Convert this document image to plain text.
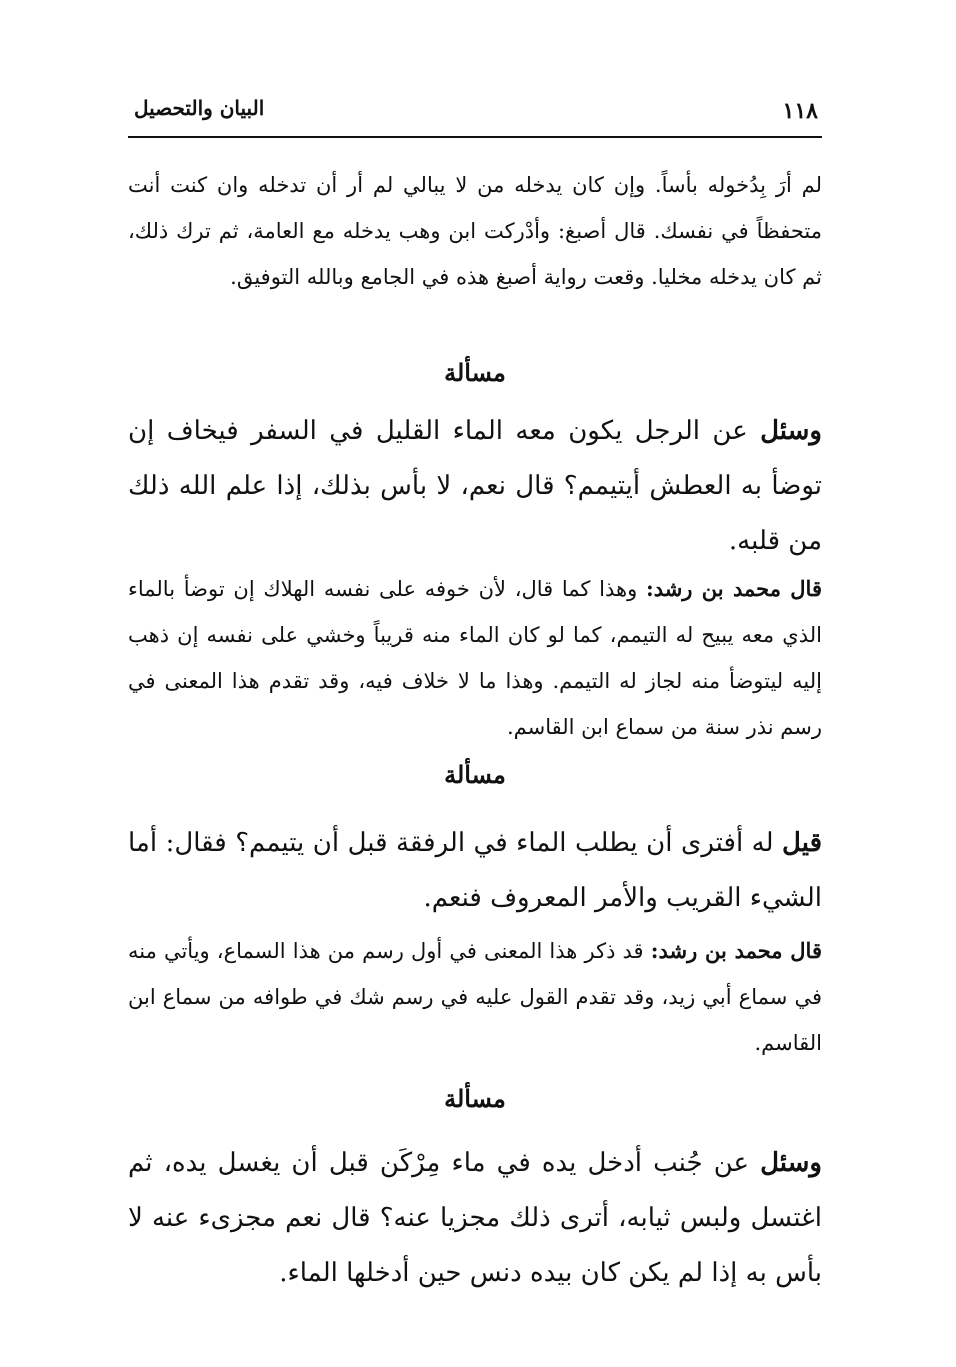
البيان والتحصيل	١١٨

لم أرَ بِدُخوله بأساً. وإن كان يدخله من لا يبالي لم أر أن تدخله وان كنت أنت متحفظاً في نفسك. قال أصبغ: وأدْركت ابن وهب يدخله مع العامة، ثم ترك ذلك، ثم كان يدخله مخليا. وقعت رواية أصبغ هذه في الجامع وبالله التوفيق.

مسألة

وسئل عن الرجل يكون معه الماء القليل في السفر فيخاف إن توضأ به العطش أيتيمم؟ قال نعم، لا بأس بذلك، إذا علم الله ذلك من قلبه.

قال محمد بن رشد: وهذا كما قال، لأن خوفه على نفسه الهلاك إن توضأ بالماء الذي معه يبيح له التيمم، كما لو كان الماء منه قريباً وخشي على نفسه إن ذهب إليه ليتوضأ منه لجاز له التيمم. وهذا ما لا خلاف فيه، وقد تقدم هذا المعنى في رسم نذر سنة من سماع ابن القاسم.

مسألة

قيل له أفترى أن يطلب الماء في الرفقة قبل أن يتيمم؟ فقال: أما الشيء القريب والأمر المعروف فنعم.

قال محمد بن رشد: قد ذكر هذا المعنى في أول رسم من هذا السماع، ويأتي منه في سماع أبي زيد، وقد تقدم القول عليه في رسم شك في طوافه من سماع ابن القاسم.

مسألة

وسئل عن جُنب أدخل يده في ماء مِرْكَن قبل أن يغسل يده، ثم اغتسل ولبس ثيابه، أترى ذلك مجزيا عنه؟ قال نعم مجزىء عنه لا بأس به إذا لم يكن كان بيده دنس حين أدخلها الماء.
